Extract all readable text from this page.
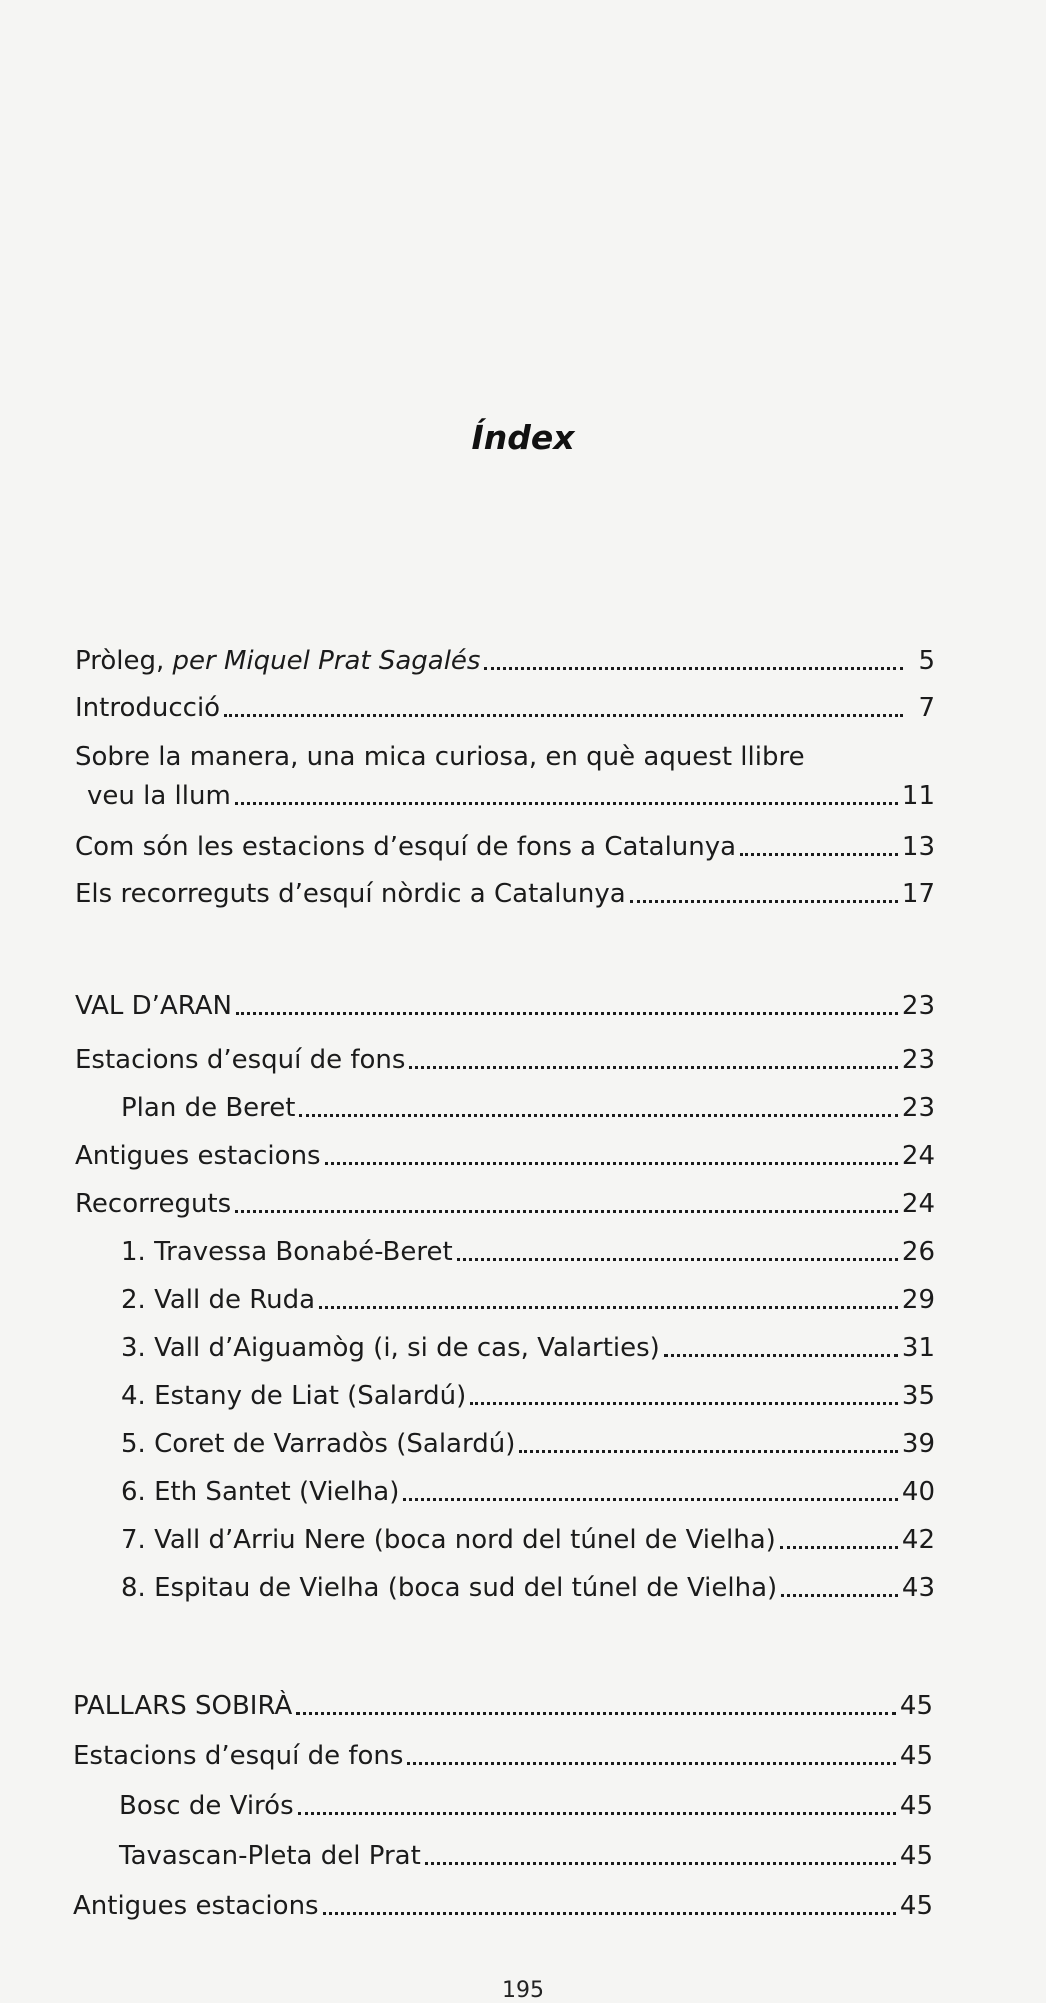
Índex
Pròleg, per Miquel Prat Sagalés	5
Introducció	7
Sobre la manera, una mica curiosa, en què aquest llibre
veu la llum	11
Com són les estacions d’esquí de fons a Catalunya	13
Els recorreguts d’esquí nòrdic a Catalunya	17
VAL D’ARAN	23
Estacions d’esquí de fons	23
Plan de Beret	23
Antigues estacions	24
Recorreguts	24
1. Travessa Bonabé-Beret	26
2. Vall de Ruda	29
3. Vall d’Aiguamòg (i, si de cas, Valarties)	31
4. Estany de Liat (Salardú)	35
5. Coret de Varradòs (Salardú)	39
6. Eth Santet (Vielha)	40
7. Vall d’Arriu Nere (boca nord del túnel de Vielha)	42
8. Espitau de Vielha (boca sud del túnel de Vielha)	43
PALLARS SOBIRÀ	45
Estacions d’esquí de fons	45
Bosc de Virós	45
Tavascan-Pleta del Prat	45
Antigues estacions	45
195
